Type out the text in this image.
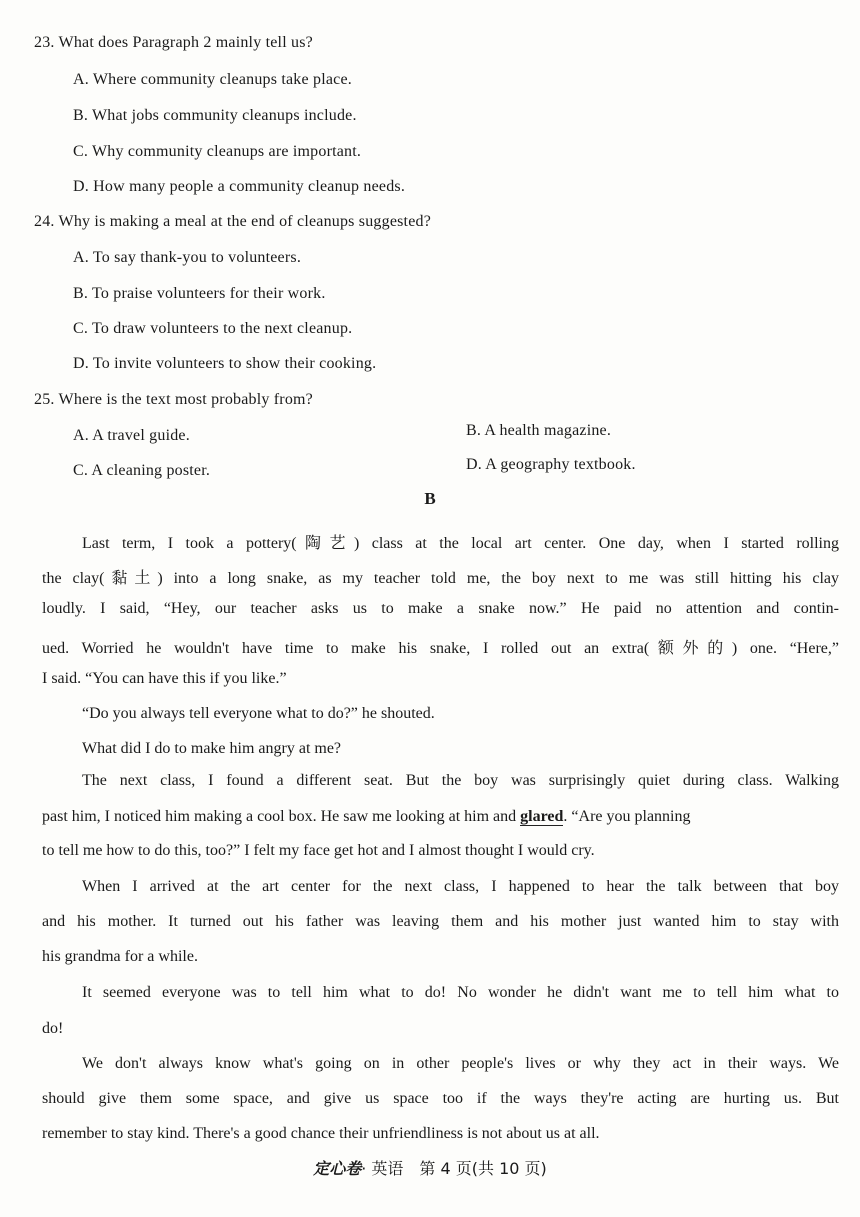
23. What does Paragraph 2 mainly tell us?
A. Where community cleanups take place.
B. What jobs community cleanups include.
C. Why community cleanups are important.
D. How many people a community cleanup needs.
24. Why is making a meal at the end of cleanups suggested?
A. To say thank-you to volunteers.
B. To praise volunteers for their work.
C. To draw volunteers to the next cleanup.
D. To invite volunteers to show their cooking.
25. Where is the text most probably from?
A. A travel guide.	B. A health magazine.
C. A cleaning poster.	D. A geography textbook.
B
Last term, I took a pottery(陶艺) class at the local art center. One day, when I started rolling
the clay(黏土) into a long snake, as my teacher told me, the boy next to me was still hitting his clay
loudly. I said, “Hey, our teacher asks us to make a snake now.” He paid no attention and contin-
ued. Worried he wouldn't have time to make his snake, I rolled out an extra(额外的) one. “Here,”
I said. “You can have this if you like.”
“Do you always tell everyone what to do?” he shouted.
What did I do to make him angry at me?
The next class, I found a different seat. But the boy was surprisingly quiet during class. Walking
past him, I noticed him making a cool box. He saw me looking at him and glared. “Are you planning
to tell me how to do this, too?” I felt my face get hot and I almost thought I would cry.
When I arrived at the art center for the next class, I happened to hear the talk between that boy
and his mother. It turned out his father was leaving them and his mother just wanted him to stay with
his grandma for a while.
It seemed everyone was to tell him what to do! No wonder he didn't want me to tell him what to
do!
We don't always know what's going on in other people's lives or why they act in their ways. We
should give them some space, and give us space too if the ways they're acting are hurting us. But
remember to stay kind. There's a good chance their unfriendliness is not about us at all.
定心卷· 英语　第 4 页(共 10 页)
